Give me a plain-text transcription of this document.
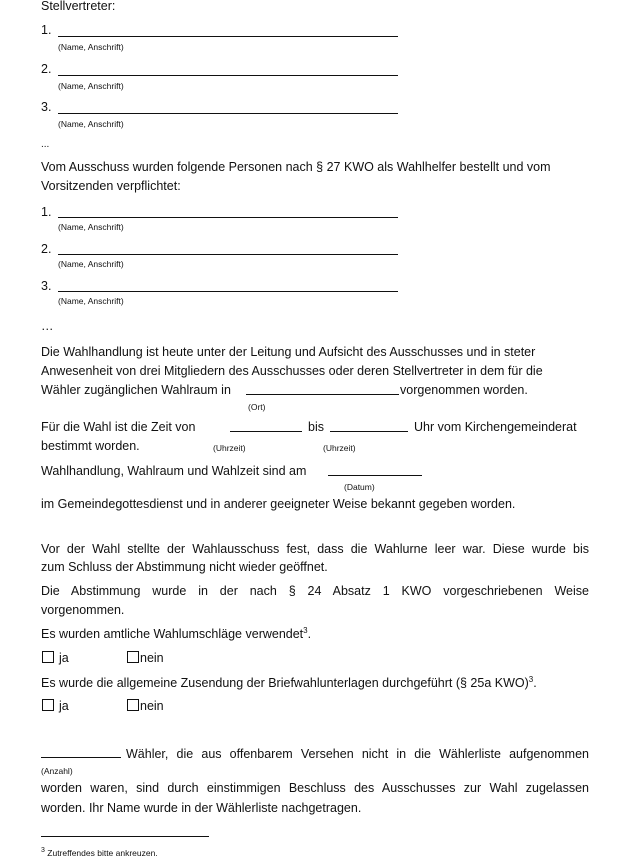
Stellvertreter:
1.
(Name, Anschrift)
2.
(Name, Anschrift)
3.
(Name, Anschrift)
...
Vom Ausschuss wurden folgende Personen nach § 27 KWO als Wahlhelfer bestellt und vom
Vorsitzenden verpflichtet:
1.
(Name, Anschrift)
2.
(Name, Anschrift)
3.
(Name, Anschrift)
…
Die Wahlhandlung ist heute unter der Leitung und Aufsicht des Ausschusses und in steter
Anwesenheit von drei Mitgliedern des Ausschusses oder deren Stellvertreter in dem für die
Wähler zugänglichen Wahlraum in	vorgenommen worden.
(Ort)
Für die Wahl ist die Zeit von	bis	Uhr vom Kirchengemeinderat
bestimmt worden.	(Uhrzeit)	(Uhrzeit)
Wahlhandlung, Wahlraum und Wahlzeit sind am
(Datum)
im Gemeindegottesdienst und in anderer geeigneter Weise bekannt gegeben worden.
Vor der Wahl stellte der Wahlausschuss fest, dass die Wahlurne leer war. Diese wurde bis
zum Schluss der Abstimmung nicht wieder geöffnet.
Die Abstimmung wurde in der nach § 24 Absatz 1 KWO vorgeschriebenen Weise
vorgenommen.
Es wurden amtliche Wahlumschläge verwendet$^3$.
ja	nein
Es wurde die allgemeine Zusendung der Briefwahlunterlagen durchgeführt (§ 25a KWO)$^3$.
ja	nein
Wähler, die aus offenbarem Versehen nicht in die Wählerliste aufgenommen
(Anzahl)
worden waren, sind durch einstimmigen Beschluss des Ausschusses zur Wahl zugelassen
worden. Ihr Name wurde in der Wählerliste nachgetragen.
$^3$ Zutreffendes bitte ankreuzen.
